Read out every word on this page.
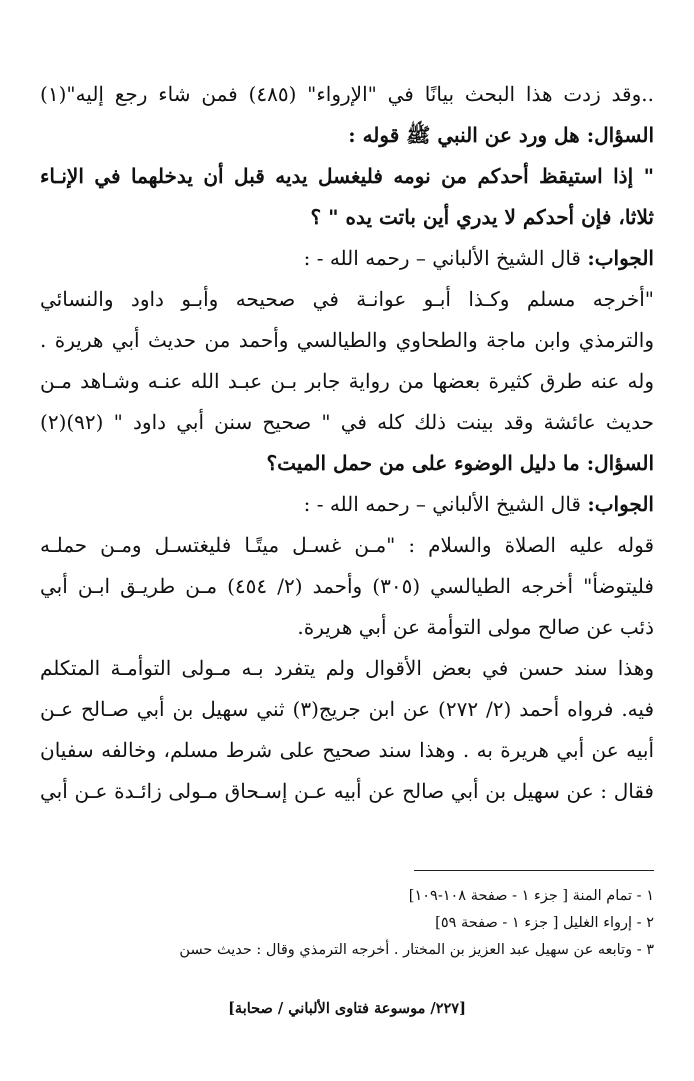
..وقد زدت هذا البحث بيانًا في "الإرواء" (٤٨٥) فمن شاء رجع إليه"(١)
السؤال: هل ورد عن النبي ﷺ قوله :
" إذا استيقظ أحدكم من نومه فليغسل يديه قبل أن يدخلهما في الإنـاء
ثلاثا، فإن أحدكم لا يدري أين باتت يده " ؟
الجواب: قال الشيخ الألباني – رحمه الله - :
"أخرجه مسلم وكـذا أبـو عوانـة في صحيحه وأبـو داود والنسائي
والترمذي وابن ماجة والطحاوي والطيالسي وأحمد من حديث أبي هريرة .
وله عنه طرق كثيرة بعضها من رواية جابر بـن عبـد الله عنـه وشـاهد مـن
حديث عائشة وقد بينت ذلك كله في " صحيح سنن أبي داود " (٩٢)(٢)
السؤال: ما دليل الوضوء على من حمل الميت؟
الجواب: قال الشيخ الألباني – رحمه الله - :
قوله عليه الصلاة والسلام : "مـن غسـل ميتًـا فليغتسـل ومـن حملـه
فليتوضأ" أخرجه الطيالسي (٣٠٥) وأحمد (٢/ ٤٥٤) مـن طريـق ابـن أبي
ذئب عن صالح مولى التوأمة عن أبي هريرة.
وهذا سند حسن في بعض الأقوال ولم يتفرد بـه مـولى التوأمـة المتكلم
فيه. فرواه أحمد (٢/ ٢٧٢) عن ابن جريج(٣) ثني سهيل بن أبي صـالح عـن
أبيه عن أبي هريرة به . وهذا سند صحيح على شرط مسلم، وخالفه سفيان
فقال : عن سهيل بن أبي صالح عن أبيه عـن إسـحاق مـولى زائـدة عـن أبي
١ - تمام المنة [ جزء ١ - صفحة ١٠٨-١٠٩]
٢ - إرواء الغليل [ جزء ١ - صفحة ٥٩]
٣ - وتابعه عن سهيل عبد العزيز بن المختار . أخرجه الترمذي وقال : حديث حسن
[٢٢٧/ موسوعة فتاوى الألباني / صحابة]
